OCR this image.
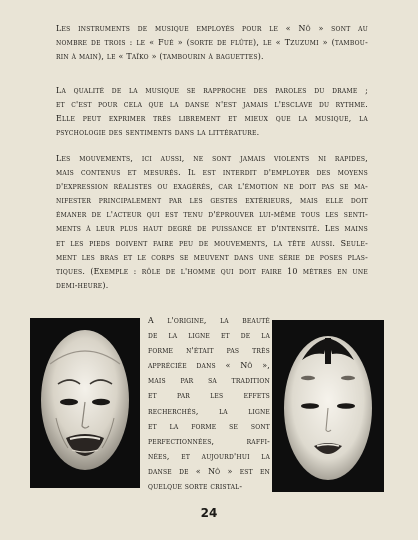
Les instruments de musique employés pour le « Nô » sont au
nombre de trois : le « Fué » (sorte de flûte), le « Tzuzumi » (tambou-
rin à main), le « Taïko » (tambourin à baguettes).

La qualité de la musique se rapproche des paroles du drame ;
et c'est pour cela que la danse n'est jamais l'esclave du rythme.
Elle peut exprimer très librement et mieux que la musique, la
psychologie des sentiments dans la littérature.

Les mouvements, ici aussi, ne sont jamais violents ni rapides,
mais contenus et mesurés. Il est interdit d'employer des moyens
d'expression réalistes ou exagérés, car l'émotion ne doit pas se ma-
nifester principalement par les gestes extérieurs, mais elle doit
émaner de l'acteur qui est tenu d'éprouver lui-même tous les senti-
ments à leur plus haut degré de puissance et d'intensité. Les mains
et les pieds doivent faire peu de mouvements, la tête aussi. Seule-
ment les bras et le corps se meuvent dans une série de poses plas-
tiques. (Exemple : rôle de l'homme qui doit faire 10 mètres en une
demi-heure).

A l'origine, la beauté
de la ligne et de la
forme n'était pas très
appréciée dans « Nô »,
mais par sa tradition
et par les effets
recherchés, la ligne
et la forme se sont
perfectionnées, raffi-
nées, et aujourd'hui la
danse de « Nô » est en
quelque sorte cristal-

24
